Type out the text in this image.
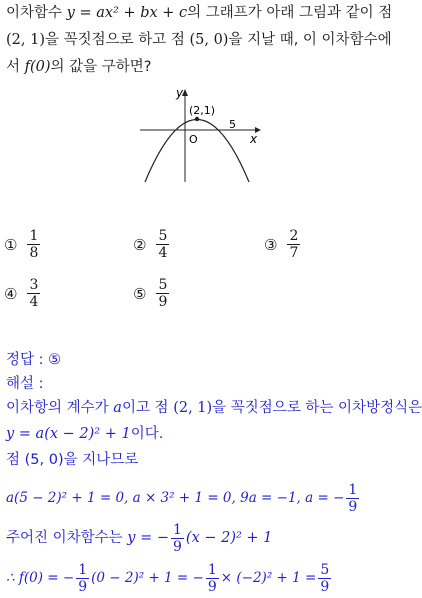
이차함수 y = ax² + bx + c의 그래프가 아래 그림과 같이 점
(2, 1)을 꼭짓점으로 하고 점 (5, 0)을 지날 때, 이 이차함수에
서 f(0)의 값을 구하면?
y
x
(2,1)
O
5
① $\frac{1}{8}$	② $\frac{5}{4}$	③ $\frac{2}{7}$
④ $\frac{3}{4}$	⑤ $\frac{5}{9}$
정답 : ⑤
해설 :
이차항의 계수가 a이고 점 (2, 1)을 꼭짓점으로 하는 이차방정식은
y = a(x − 2)² + 1이다.
점 (5, 0)을 지나므로
a(5 − 2)² + 1 = 0, a × 3² + 1 = 0, 9a = −1, a = − $\frac{1}{9}$
주어진 이차함수는
y = − $\frac{1}{9} (x - 2)^2 + 1$
∴ f(0) = − $\frac{1}{9} (0 - 2)^2 + 1$ = − $\frac{1}{9} \times (-2)^2 + 1 = \frac{5}{9}$
